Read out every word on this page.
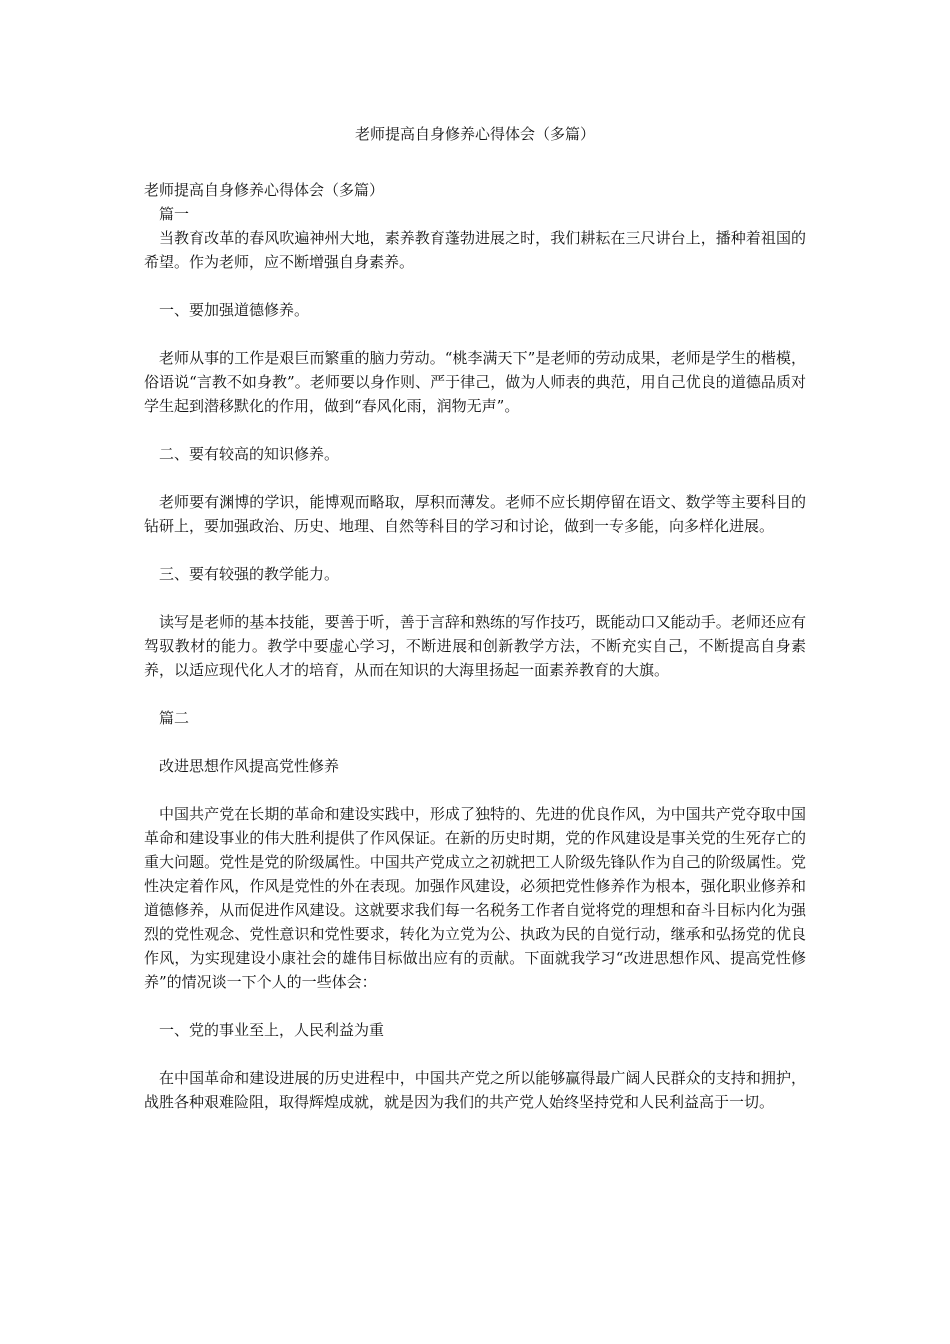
老师提高自身修养心得体会（多篇）

老师提高自身修养心得体会（多篇）

篇一

当教育改革的春风吹遍神州大地，素养教育蓬勃进展之时，我们耕耘在三尺讲台上，播种着祖国的希望。作为老师，应不断增强自身素养。

一、要加强道德修养。

老师从事的工作是艰巨而繁重的脑力劳动。“桃李满天下”是老师的劳动成果，老师是学生的楷模，俗语说“言教不如身教”。老师要以身作则、严于律己，做为人师表的典范，用自己优良的道德品质对学生起到潜移默化的作用，做到“春风化雨，润物无声”。

二、要有较高的知识修养。

老师要有渊博的学识，能博观而略取，厚积而薄发。老师不应长期停留在语文、数学等主要科目的钻研上，要加强政治、历史、地理、自然等科目的学习和讨论，做到一专多能，向多样化进展。

三、要有较强的教学能力。

读写是老师的基本技能，要善于听，善于言辞和熟练的写作技巧，既能动口又能动手。老师还应有驾驭教材的能力。教学中要虚心学习，不断进展和创新教学方法，不断充实自己，不断提高自身素养，以适应现代化人才的培育，从而在知识的大海里扬起一面素养教育的大旗。

篇二

改进思想作风提高党性修养

中国共产党在长期的革命和建设实践中，形成了独特的、先进的优良作风，为中国共产党夺取中国革命和建设事业的伟大胜利提供了作风保证。在新的历史时期，党的作风建设是事关党的生死存亡的重大问题。党性是党的阶级属性。中国共产党成立之初就把工人阶级先锋队作为自己的阶级属性。党性决定着作风，作风是党性的外在表现。加强作风建设，必须把党性修养作为根本，强化职业修养和道德修养，从而促进作风建设。这就要求我们每一名税务工作者自觉将党的理想和奋斗目标内化为强烈的党性观念、党性意识和党性要求，转化为立党为公、执政为民的自觉行动，继承和弘扬党的优良作风，为实现建设小康社会的雄伟目标做出应有的贡献。下面就我学习“改进思想作风、提高党性修养”的情况谈一下个人的一些体会：

一、党的事业至上，人民利益为重

在中国革命和建设进展的历史进程中，中国共产党之所以能够赢得最广阔人民群众的支持和拥护，战胜各种艰难险阻，取得辉煌成就，就是因为我们的共产党人始终坚持党和人民利益高于一切。
